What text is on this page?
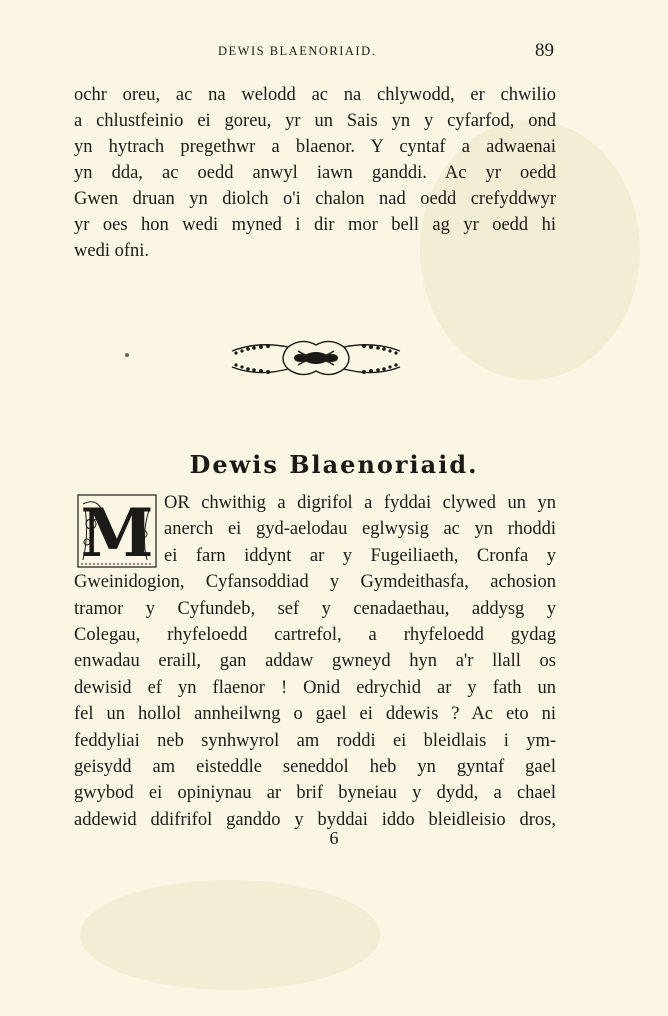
DEWIS BLAENORIAID.	89
ochr oreu, ac na welodd ac na chlywodd, er chwilio
a chlustfeinio ei goreu, yr un Sais yn y cyfarfod, ond
yn hytrach pregethwr a blaenor. Y cyntaf a adwaenai
yn dda, ac oedd anwyl iawn ganddi. Ac yr oedd
Gwen druan yn diolch o'i chalon nad oedd crefyddwyr
yr oes hon wedi myned i dir mor bell ag yr oedd hi
wedi ofni.
Dewis Blaenoriaid.
M OR chwithig a digrifol a fyddai clywed un yn
anerch ei gyd-aelodau eglwysig ac yn rhoddi
ei farn iddynt ar y Fugeiliaeth, Cronfa y
Gweinidogion, Cyfansoddiad y Gymdeithasfa, achosion
tramor y Cyfundeb, sef y cenadaethau, addysg y
Colegau, rhyfeloedd cartrefol, a rhyfeloedd gydag
enwadau eraill, gan addaw gwneyd hyn a'r llall os
dewisid ef yn flaenor ! Onid edrychid ar y fath un
fel un hollol annheilwng o gael ei ddewis ? Ac eto ni
feddyliai neb synhwyrol am roddi ei bleidlais i ym-
geisydd am eisteddle seneddol heb yn gyntaf gael
gwybod ei opiniynau ar brif byneiau y dydd, a chael
addewid ddifrifol ganddo y byddai iddo bleidleisio dros,
6
